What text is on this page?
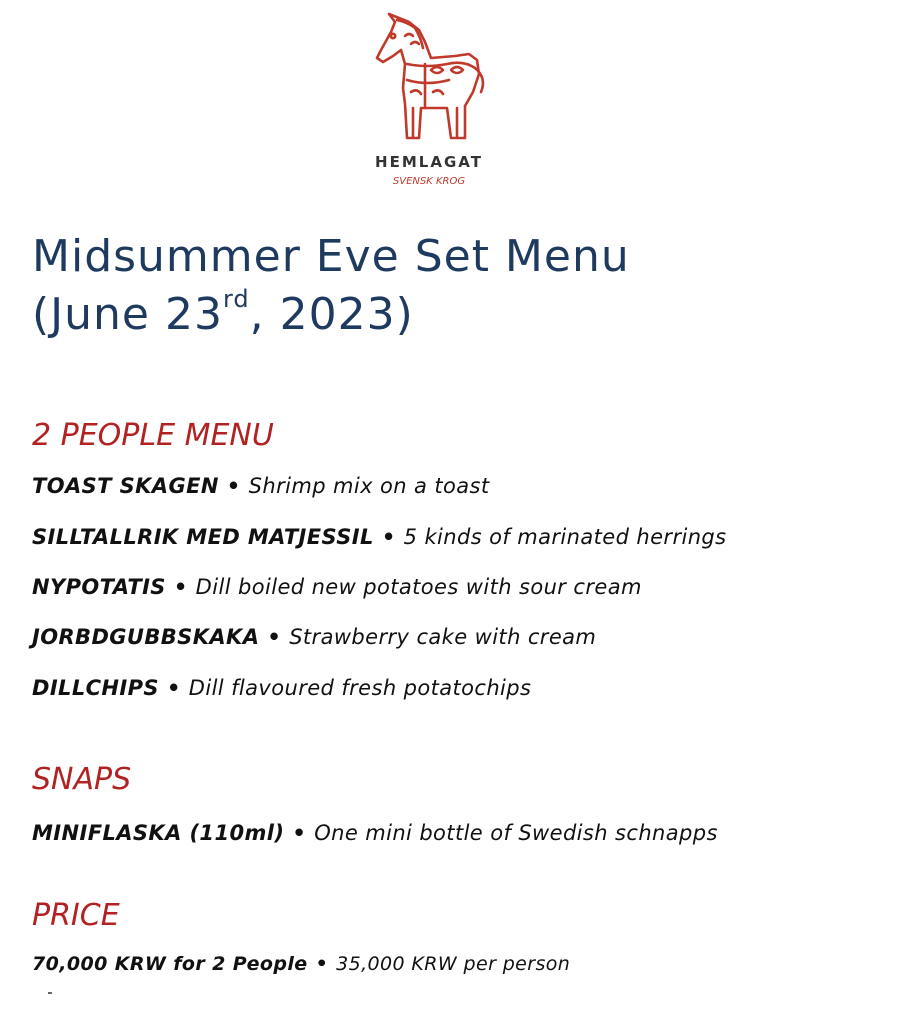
HEMLAGAT
SVENSK KROG
Midsummer Eve Set Menu
(June 23rd, 2023)
2 PEOPLE MENU

TOAST SKAGEN • Shrimp mix on a toast

SILLTALLRIK MED MATJESSIL • 5 kinds of marinated herrings

NYPOTATIS • Dill boiled new potatoes with sour cream

JORBDGUBBSKAKA • Strawberry cake with cream

DILLCHIPS • Dill flavoured fresh potatochips

SNAPS

MINIFLASKA (110ml) • One mini bottle of Swedish schnapps

PRICE

70,000 KRW for 2 People • 35,000 KRW per person
